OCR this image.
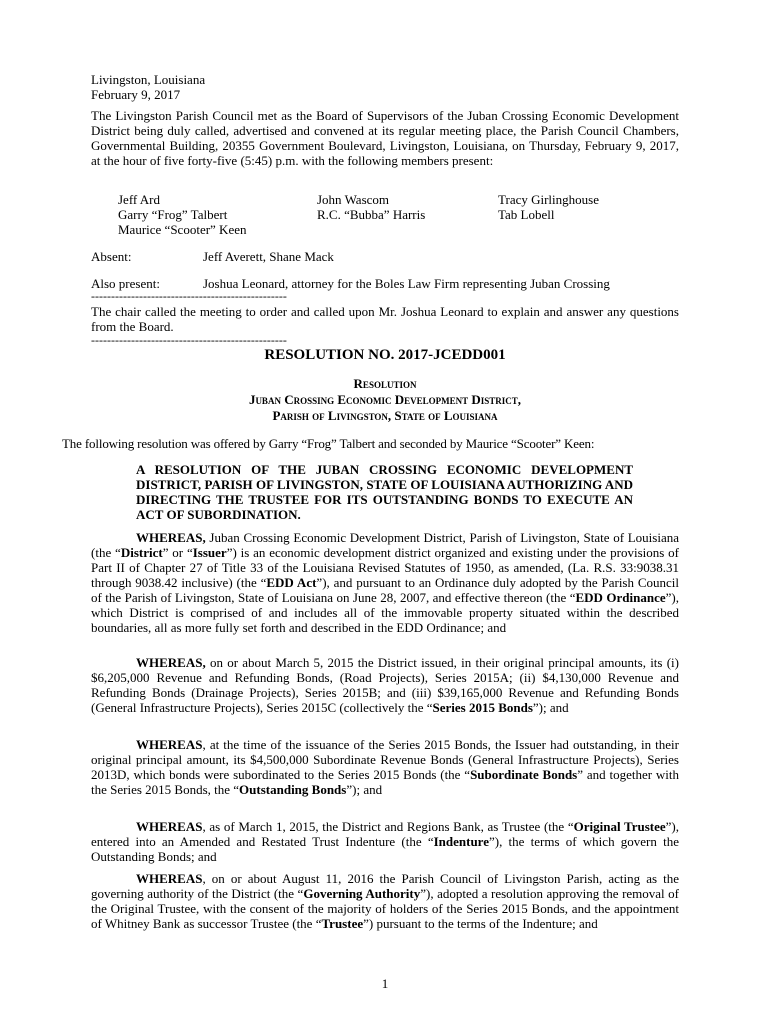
Livingston, Louisiana
February 9, 2017
The Livingston Parish Council met as the Board of Supervisors of the Juban Crossing Economic Development District being duly called, advertised and convened at its regular meeting place, the Parish Council Chambers, Governmental Building, 20355 Government Boulevard, Livingston, Louisiana, on Thursday, February 9, 2017, at the hour of five forty-five (5:45) p.m. with the following members present:
Jeff Ard
Garry “Frog” Talbert
Maurice “Scooter” Keen
John Wascom
R.C. “Bubba” Harris
Tracy Girlinghouse
Tab Lobell
Absent:	Jeff Averett, Shane Mack
Also present:	Joshua Leonard, attorney for the Boles Law Firm representing Juban Crossing
-------------------------------------------------
The chair called the meeting to order and called upon Mr. Joshua Leonard to explain and answer any questions from the Board.
-------------------------------------------------
RESOLUTION NO. 2017-JCEDD001
Resolution
Juban Crossing Economic Development District,
Parish of Livingston, State of Louisiana
The following resolution was offered by Garry “Frog” Talbert and seconded by Maurice “Scooter” Keen:
A RESOLUTION OF THE JUBAN CROSSING ECONOMIC DEVELOPMENT DISTRICT, PARISH OF LIVINGSTON, STATE OF LOUISIANA AUTHORIZING AND DIRECTING THE TRUSTEE FOR ITS OUTSTANDING BONDS TO EXECUTE AN ACT OF SUBORDINATION.
WHEREAS, Juban Crossing Economic Development District, Parish of Livingston, State of Louisiana (the “District” or “Issuer”) is an economic development district organized and existing under the provisions of Part II of Chapter 27 of Title 33 of the Louisiana Revised Statutes of 1950, as amended, (La. R.S. 33:9038.31 through 9038.42 inclusive) (the “EDD Act”), and pursuant to an Ordinance duly adopted by the Parish Council of the Parish of Livingston, State of Louisiana on June 28, 2007, and effective thereon (the “EDD Ordinance”), which District is comprised of and includes all of the immovable property situated within the described boundaries, all as more fully set forth and described in the EDD Ordinance; and
WHEREAS, on or about March 5, 2015 the District issued, in their original principal amounts, its (i) $6,205,000 Revenue and Refunding Bonds, (Road Projects), Series 2015A; (ii) $4,130,000 Revenue and Refunding Bonds (Drainage Projects), Series 2015B; and (iii) $39,165,000 Revenue and Refunding Bonds (General Infrastructure Projects), Series 2015C (collectively the “Series 2015 Bonds”); and
WHEREAS, at the time of the issuance of the Series 2015 Bonds, the Issuer had outstanding, in their original principal amount, its $4,500,000 Subordinate Revenue Bonds (General Infrastructure Projects), Series 2013D, which bonds were subordinated to the Series 2015 Bonds (the “Subordinate Bonds” and together with the Series 2015 Bonds, the “Outstanding Bonds”); and
WHEREAS, as of March 1, 2015, the District and Regions Bank, as Trustee (the “Original Trustee”), entered into an Amended and Restated Trust Indenture (the “Indenture”), the terms of which govern the Outstanding Bonds; and
WHEREAS, on or about August 11, 2016 the Parish Council of Livingston Parish, acting as the governing authority of the District (the “Governing Authority”), adopted a resolution approving the removal of the Original Trustee, with the consent of the majority of holders of the Series 2015 Bonds, and the appointment of Whitney Bank as successor Trustee (the “Trustee”) pursuant to the terms of the Indenture; and
1
